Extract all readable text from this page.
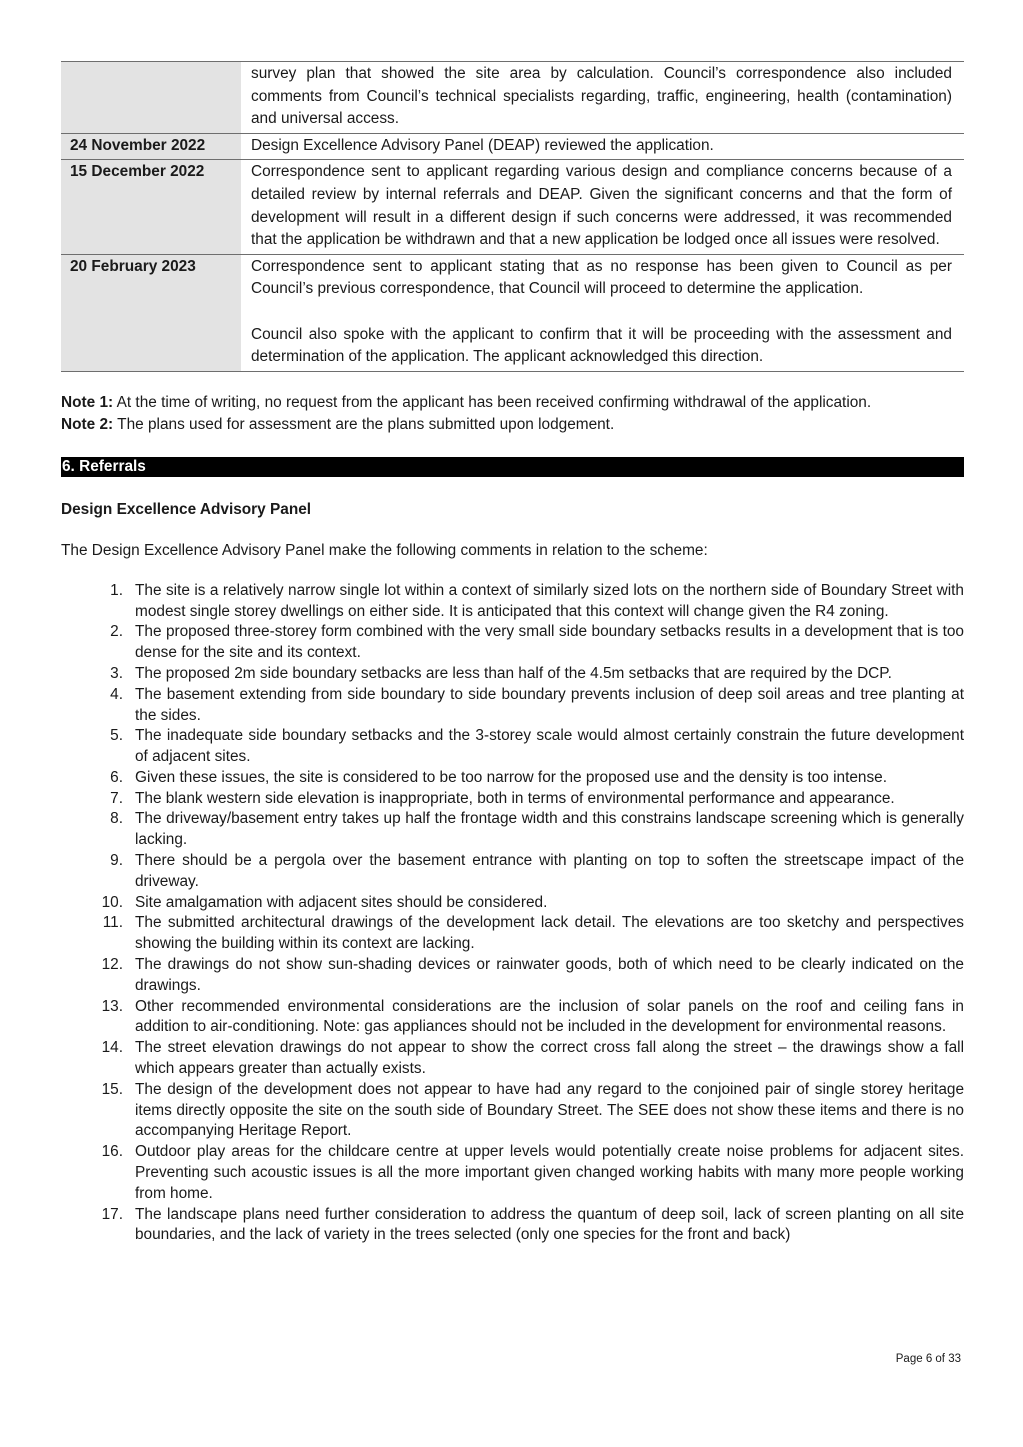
	survey plan that showed the site area by calculation. Council’s correspondence also included comments from Council’s technical specialists regarding, traffic, engineering, health (contamination) and universal access.

24 November 2022	Design Excellence Advisory Panel (DEAP) reviewed the application.

15 December 2022	Correspondence sent to applicant regarding various design and compliance concerns because of a detailed review by internal referrals and DEAP. Given the significant concerns and that the form of development will result in a different design if such concerns were addressed, it was recommended that the application be withdrawn and that a new application be lodged once all issues were resolved.

20 February 2023	Correspondence sent to applicant stating that as no response has been given to Council as per Council’s previous correspondence, that Council will proceed to determine the application.

Council also spoke with the applicant to confirm that it will be proceeding with the assessment and determination of the application. The applicant acknowledged this direction.

Note 1: At the time of writing, no request from the applicant has been received confirming withdrawal of the application.
Note 2: The plans used for assessment are the plans submitted upon lodgement.
6. Referrals
Design Excellence Advisory Panel
The Design Excellence Advisory Panel make the following comments in relation to the scheme:
1. The site is a relatively narrow single lot within a context of similarly sized lots on the northern side of Boundary Street with modest single storey dwellings on either side. It is anticipated that this context will change given the R4 zoning.
2. The proposed three-storey form combined with the very small side boundary setbacks results in a development that is too dense for the site and its context.
3. The proposed 2m side boundary setbacks are less than half of the 4.5m setbacks that are required by the DCP.
4. The basement extending from side boundary to side boundary prevents inclusion of deep soil areas and tree planting at the sides.
5. The inadequate side boundary setbacks and the 3-storey scale would almost certainly constrain the future development of adjacent sites.
6. Given these issues, the site is considered to be too narrow for the proposed use and the density is too intense.
7. The blank western side elevation is inappropriate, both in terms of environmental performance and appearance.
8. The driveway/basement entry takes up half the frontage width and this constrains landscape screening which is generally lacking.
9. There should be a pergola over the basement entrance with planting on top to soften the streetscape impact of the driveway.
10. Site amalgamation with adjacent sites should be considered.
11. The submitted architectural drawings of the development lack detail. The elevations are too sketchy and perspectives showing the building within its context are lacking.
12. The drawings do not show sun-shading devices or rainwater goods, both of which need to be clearly indicated on the drawings.
13. Other recommended environmental considerations are the inclusion of solar panels on the roof and ceiling fans in addition to air-conditioning. Note: gas appliances should not be included in the development for environmental reasons.
14. The street elevation drawings do not appear to show the correct cross fall along the street – the drawings show a fall which appears greater than actually exists.
15. The design of the development does not appear to have had any regard to the conjoined pair of single storey heritage items directly opposite the site on the south side of Boundary Street. The SEE does not show these items and there is no accompanying Heritage Report.
16. Outdoor play areas for the childcare centre at upper levels would potentially create noise problems for adjacent sites. Preventing such acoustic issues is all the more important given changed working habits with many more people working from home.
17. The landscape plans need further consideration to address the quantum of deep soil, lack of screen planting on all site boundaries, and the lack of variety in the trees selected (only one species for the front and back)
Page 6 of 33
